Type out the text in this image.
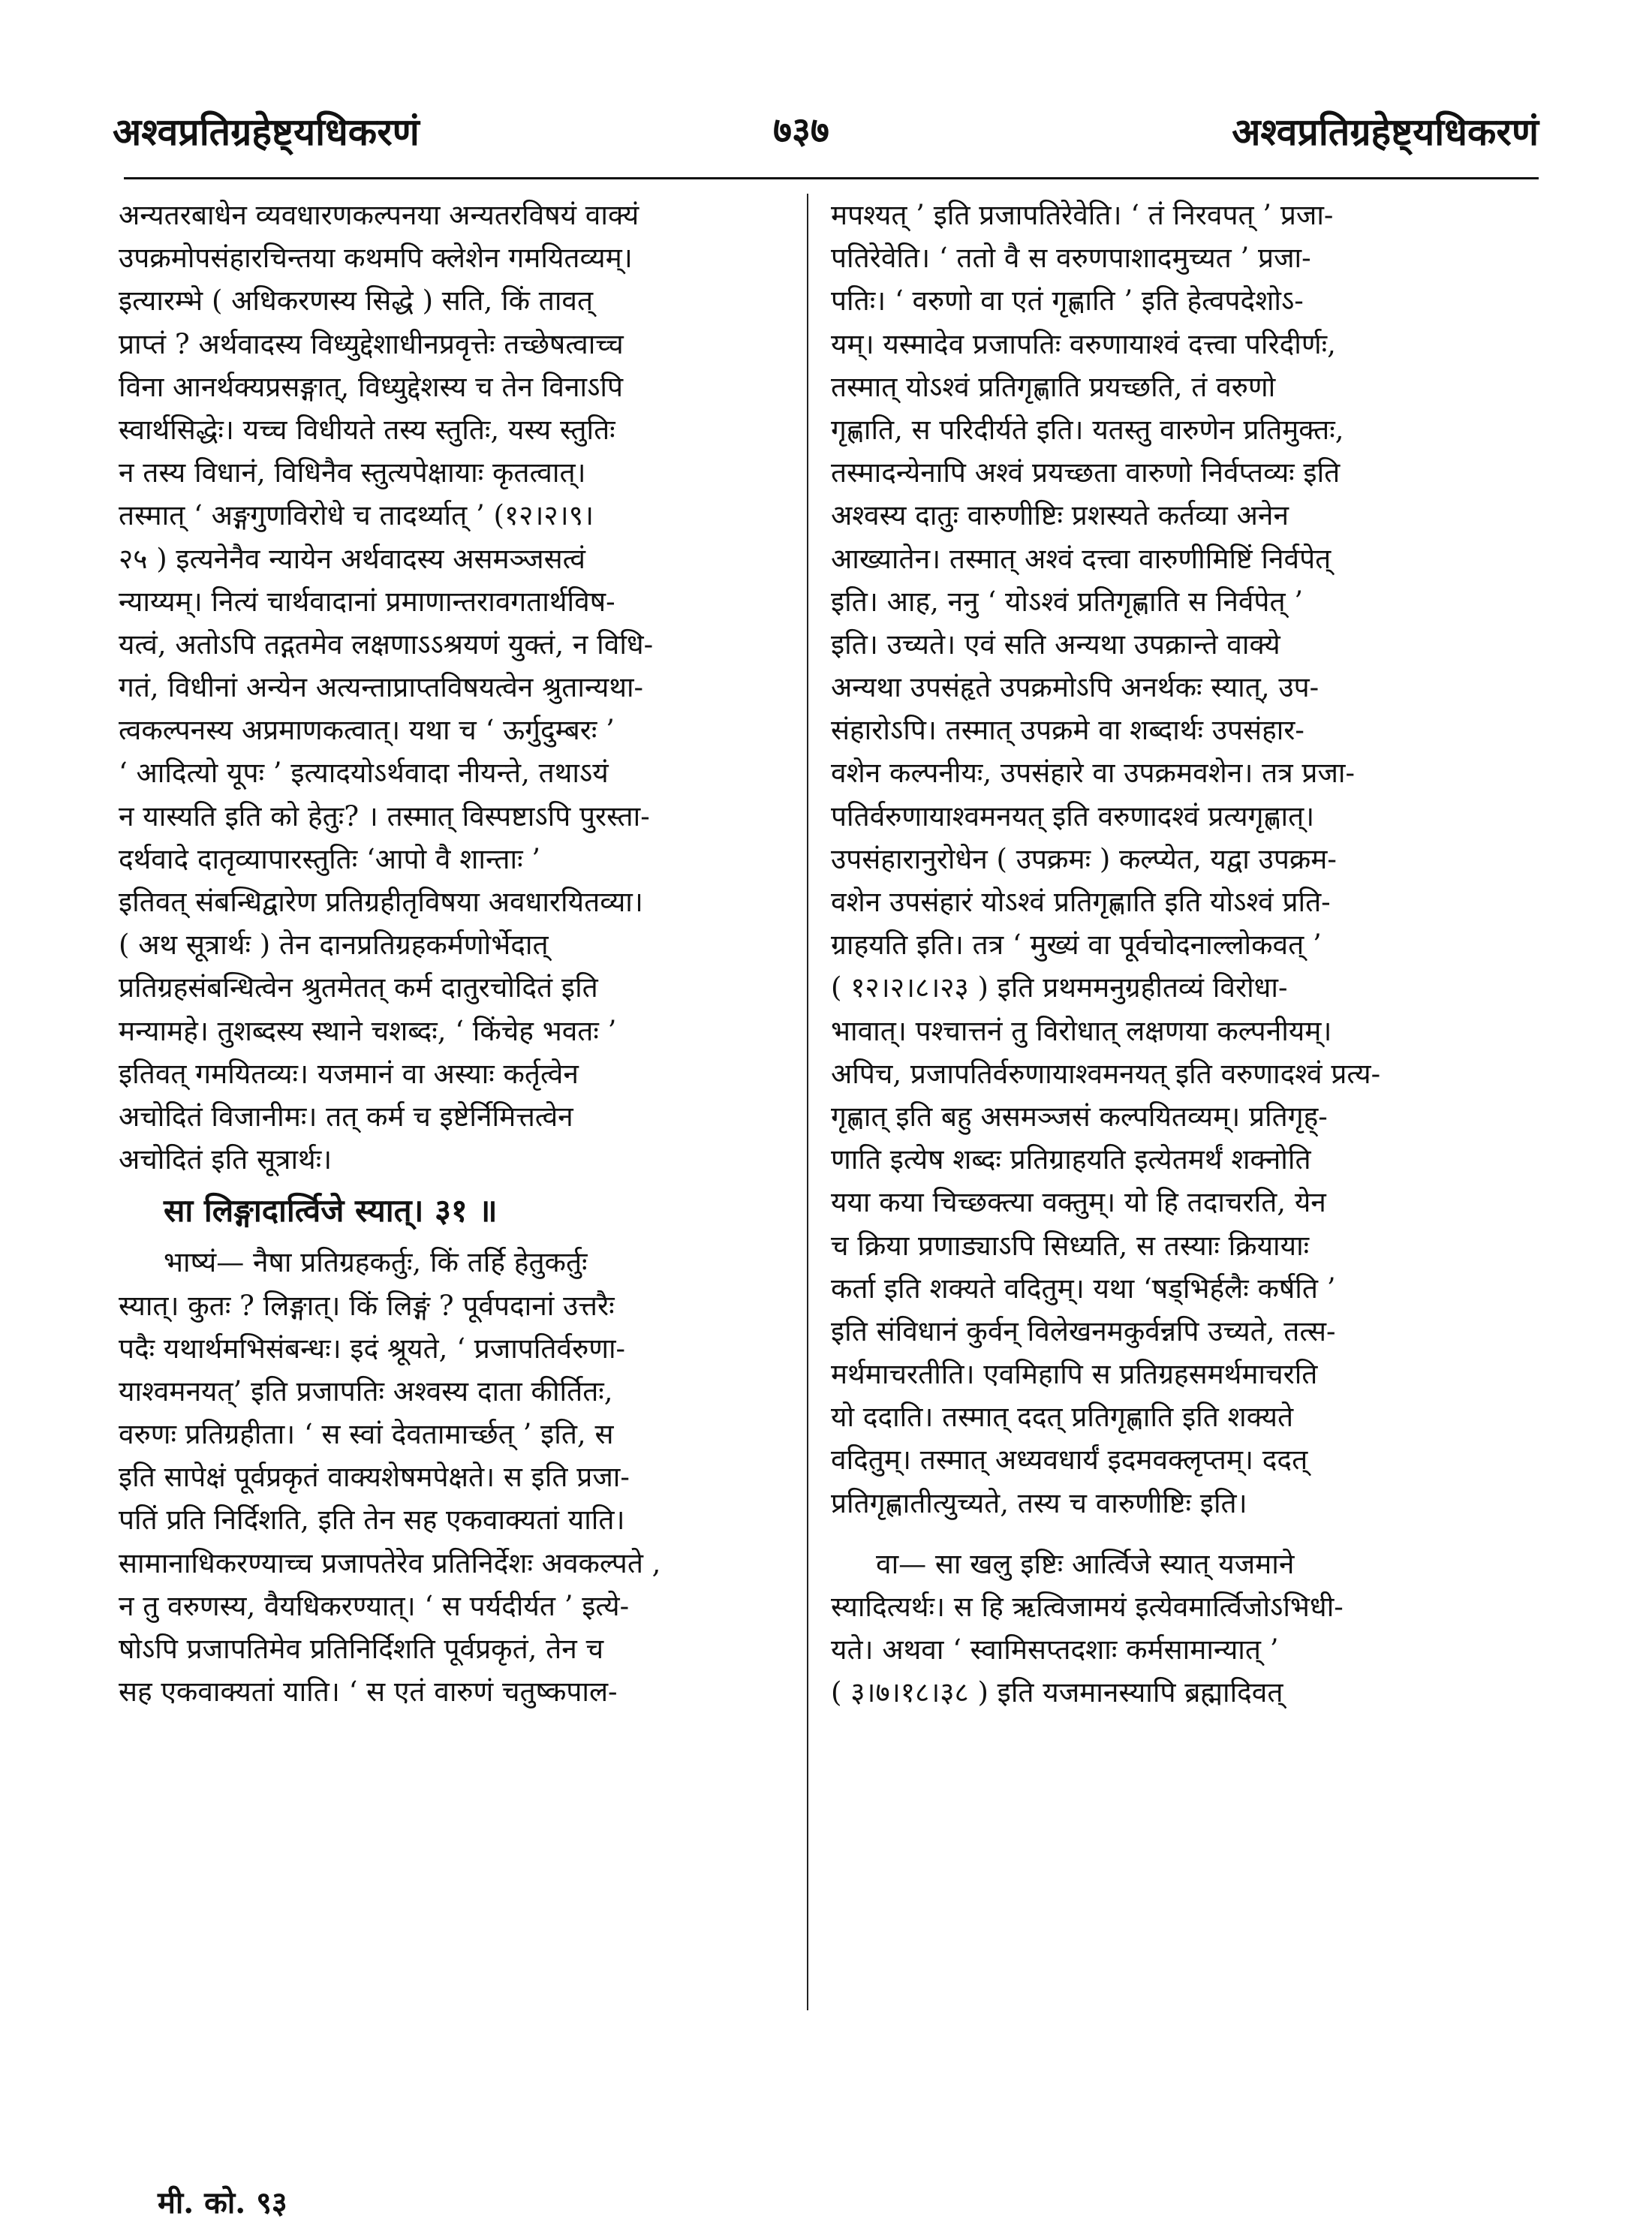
अश्वप्रतिग्रहेष्ट्यधिकरणं	७३७	अश्वप्रतिग्रहेष्ट्यधिकरणं
अन्यतरबाधेन व्यवधारणकल्पनया अन्यतरविषयं वाक्यं
उपक्रमोपसंहारचिन्तया कथमपि क्लेशेन गमयितव्यम्।
इत्यारम्भे ( अधिकरणस्य सिद्धे ) सति, किं तावत्
प्राप्तं ? अर्थवादस्य विध्युद्देशाधीनप्रवृत्तेः तच्छेषत्वाच्च
विना आनर्थक्यप्रसङ्गात्, विध्युद्देशस्य च तेन विनाऽपि
स्वार्थसिद्धेः। यच्च विधीयते तस्य स्तुतिः, यस्य स्तुतिः
न तस्य विधानं, विधिनैव स्तुत्यपेक्षायाः कृतत्वात्।
तस्मात् ‘ अङ्गगुणविरोधे च तादर्थ्यात् ’ (१२।२।९।
२५ ) इत्यनेनैव न्यायेन अर्थवादस्य असमञ्जसत्वं
न्याय्यम्। नित्यं चार्थवादानां प्रमाणान्तरावगतार्थविष-
यत्वं, अतोऽपि तद्गतमेव लक्षणाऽऽश्रयणं युक्तं, न विधि-
गतं, विधीनां अन्येन अत्यन्ताप्राप्तविषयत्वेन श्रुतान्यथा-
त्वकल्पनस्य अप्रमाणकत्वात्। यथा च ‘ ऊर्गुदुम्बरः ’
‘ आदित्यो यूपः ’ इत्यादयोऽर्थवादा नीयन्ते, तथाऽयं
न यास्यति इति को हेतुः? । तस्मात् विस्पष्टाऽपि पुरस्ता-
दर्थवादे दातृव्यापारस्तुतिः ‘आपो वै शान्ताः ’
इतिवत् संबन्धिद्वारेण प्रतिग्रहीतृविषया अवधारयितव्या।
( अथ सूत्रार्थः ) तेन दानप्रतिग्रहकर्मणोर्भेदात्
प्रतिग्रहसंबन्धित्वेन श्रुतमेतत् कर्म दातुरचोदितं इति
मन्यामहे। तुशब्दस्य स्थाने चशब्दः, ‘ किंचेह भवतः ’
इतिवत् गमयितव्यः। यजमानं वा अस्याः कर्तृत्वेन
अचोदितं विजानीमः। तत् कर्म च इष्टेर्निमित्तत्वेन
अचोदितं इति सूत्रार्थः।
सा लिङ्गादार्त्विजे स्यात्। ३१ ॥
भाष्यं— नैषा प्रतिग्रहकर्तुः, किं तर्हि हेतुकर्तुः
स्यात्। कुतः ? लिङ्गात्। किं लिङ्गं ? पूर्वपदानां उत्तरैः
पदैः यथार्थमभिसंबन्धः। इदं श्रूयते, ‘ प्रजापतिर्वरुणा-
याश्वमनयत्’ इति प्रजापतिः अश्वस्य दाता कीर्तितः,
वरुणः प्रतिग्रहीता। ‘ स स्वां देवतामार्च्छत् ’ इति, स
इति सापेक्षं पूर्वप्रकृतं वाक्यशेषमपेक्षते। स इति प्रजा-
पतिं प्रति निर्दिशति, इति तेन सह एकवाक्यतां याति।
सामानाधिकरण्याच्च प्रजापतेरेव प्रतिनिर्देशः अवकल्पते ,
न तु वरुणस्य, वैयधिकरण्यात्। ‘ स पर्यदीर्यत ’ इत्ये-
षोऽपि प्रजापतिमेव प्रतिनिर्दिशति पूर्वप्रकृतं, तेन च
सह एकवाक्यतां याति। ‘ स एतं वारुणं चतुष्कपाल-
मपश्यत् ’ इति प्रजापतिरेवेति। ‘ तं निरवपत् ’ प्रजा-
पतिरेवेति। ‘ ततो वै स वरुणपाशादमुच्यत ’ प्रजा-
पतिः। ‘ वरुणो वा एतं गृह्णाति ’ इति हेत्वपदेशोऽ-
यम्। यस्मादेव प्रजापतिः वरुणायाश्वं दत्त्वा परिदीर्णः,
तस्मात् योऽश्वं प्रतिगृह्णाति प्रयच्छति, तं वरुणो
गृह्णाति, स परिदीर्यते इति। यतस्तु वारुणेन प्रतिमुक्तः,
तस्मादन्येनापि अश्वं प्रयच्छता वारुणो निर्वप्तव्यः इति
अश्वस्य दातुः वारुणीष्टिः प्रशस्यते कर्तव्या अनेन
आख्यातेन। तस्मात् अश्वं दत्त्वा वारुणीमिष्टिं निर्वपेत्
इति। आह, ननु ‘ योऽश्वं प्रतिगृह्णाति स निर्वपेत् ’
इति। उच्यते। एवं सति अन्यथा उपक्रान्ते वाक्ये
अन्यथा उपसंहृते उपक्रमोऽपि अनर्थकः स्यात्, उप-
संहारोऽपि। तस्मात् उपक्रमे वा शब्दार्थः उपसंहार-
वशेन कल्पनीयः, उपसंहारे वा उपक्रमवशेन। तत्र प्रजा-
पतिर्वरुणायाश्वमनयत् इति वरुणादश्वं प्रत्यगृह्णात्।
उपसंहारानुरोधेन ( उपक्रमः ) कल्प्येत, यद्वा उपक्रम-
वशेन उपसंहारं योऽश्वं प्रतिगृह्णाति इति योऽश्वं प्रति-
ग्राहयति इति। तत्र ‘ मुख्यं वा पूर्वचोदनाल्लोकवत् ’
( १२।२।८।२३ ) इति प्रथममनुग्रहीतव्यं विरोधा-
भावात्। पश्चात्तनं तु विरोधात् लक्षणया कल्पनीयम्।
अपिच, प्रजापतिर्वरुणायाश्वमनयत् इति वरुणादश्वं प्रत्य-
गृह्णात् इति बहु असमञ्जसं कल्पयितव्यम्। प्रतिगृह्-
णाति इत्येष शब्दः प्रतिग्राहयति इत्येतमर्थं शक्नोति
यया कया चिच्छक्त्या वक्तुम्। यो हि तदाचरति, येन
च क्रिया प्रणाड्याऽपि सिध्यति, स तस्याः क्रियायाः
कर्ता इति शक्यते वदितुम्। यथा ‘षड्भिर्हलैः कर्षति ’
इति संविधानं कुर्वन् विलेखनमकुर्वन्नपि उच्यते, तत्स-
मर्थमाचरतीति। एवमिहापि स प्रतिग्रहसमर्थमाचरति
यो ददाति। तस्मात् ददत् प्रतिगृह्णाति इति शक्यते
वदितुम्। तस्मात् अध्यवधार्यं इदमवक्लृप्तम्। ददत्
प्रतिगृह्णातीत्युच्यते, तस्य च वारुणीष्टिः इति।
वा— सा खलु इष्टिः आर्त्विजे स्यात् यजमाने
स्यादित्यर्थः। स हि ऋत्विजामयं इत्येवमार्त्विजोऽभिधी-
यते। अथवा ‘ स्वामिसप्तदशाः कर्मसामान्यात् ’
( ३।७।१८।३८ ) इति यजमानस्यापि ब्रह्मादिवत्
मी. को. ९३
